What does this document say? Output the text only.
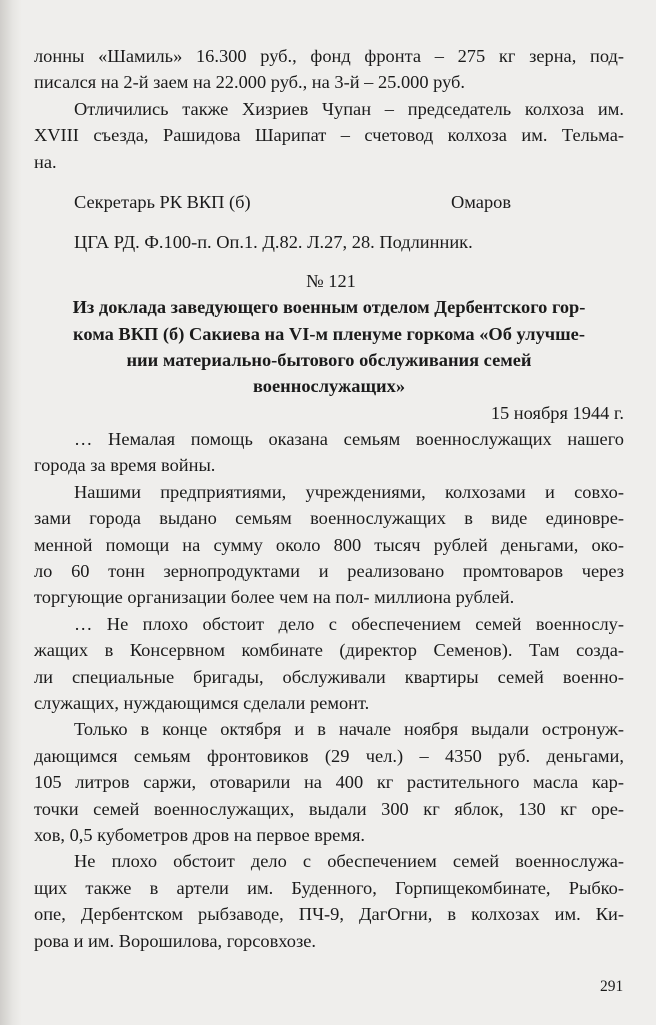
лонны «Шамиль» 16.300 руб., фонд фронта – 275 кг зерна, под-
писался на 2-й заем на 22.000 руб., на 3-й – 25.000 руб.
Отличились также Хизриев Чупан – председатель колхоза им.
XVIII съезда, Рашидова Шарипат – счетовод колхоза им. Тельма-
на.
Секретарь РК ВКП (б)	Омаров
ЦГА РД. Ф.100-п. Оп.1. Д.82. Л.27, 28. Подлинник.
№ 121
Из доклада заведующего военным отделом Дербентского гор-
кома ВКП (б) Сакиева на VI-м пленуме горкома «Об улучше-
нии материально-бытового обслуживания семей
военнослужащих»
15 ноября 1944 г.
… Немалая помощь оказана семьям военнослужащих нашего
города за время войны.
Нашими предприятиями, учреждениями, колхозами и совхо-
зами города выдано семьям военнослужащих в виде единовре-
менной помощи на сумму около 800 тысяч рублей деньгами, око-
ло 60 тонн зернопродуктами и реализовано промтоваров через
торгующие организации более чем на пол- миллиона рублей.
… Не плохо обстоит дело с обеспечением семей военнослу-
жащих в Консервном комбинате (директор Семенов). Там созда-
ли специальные бригады, обслуживали квартиры семей военно-
служащих, нуждающимся сделали ремонт.
Только в конце октября и в начале ноября выдали остронуж-
дающимся семьям фронтовиков (29 чел.) – 4350 руб. деньгами,
105 литров саржи, отоварили на 400 кг растительного масла кар-
точки семей военнослужащих, выдали 300 кг яблок, 130 кг оре-
хов, 0,5 кубометров дров на первое время.
Не плохо обстоит дело с обеспечением семей военнослужа-
щих также в артели им. Буденного, Горпищекомбинате, Рыбко-
опе, Дербентском рыбзаводе, ПЧ-9, ДагОгни, в колхозах им. Ки-
рова и им. Ворошилова, горсовхозе.
291
